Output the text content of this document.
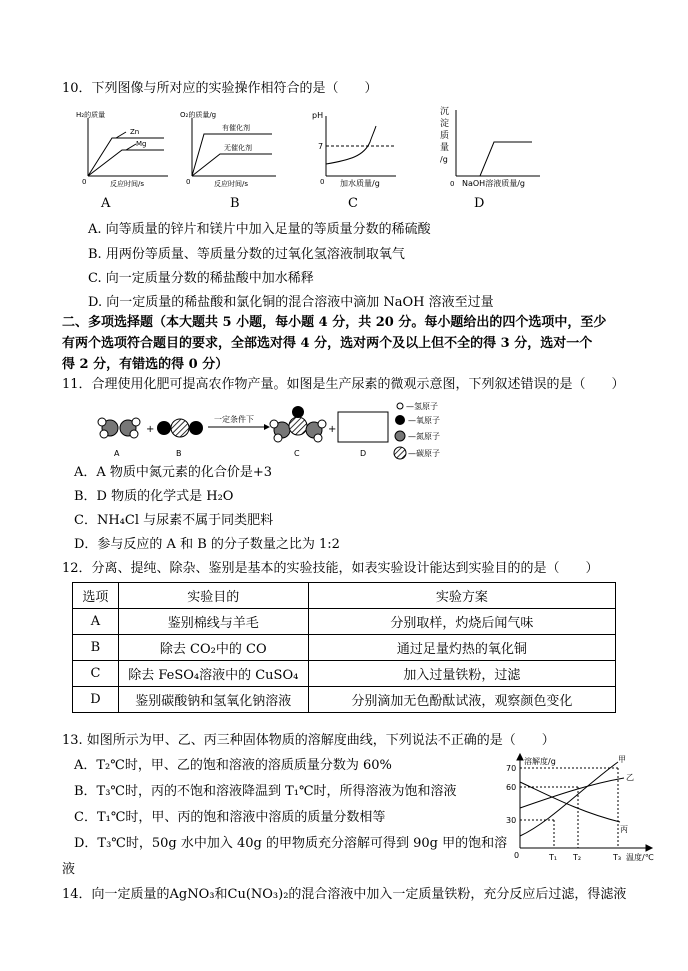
10．下列图像与所对应的实验操作相符合的是（　　）
H₂的质量
Zn
Mg
0	反应时间/s
O₂的质量/g
有催化剂
无催化剂
0	反应时间/s
pH
7
0 加水质量/g
沉
淀
质
量
/g
0 NaOH溶液质量/g
A	B	C	D
A. 向等质量的锌片和镁片中加入足量的等质量分数的稀硫酸
B. 用两份等质量、等质量分数的过氧化氢溶液制取氧气
C. 向一定质量分数的稀盐酸中加水稀释
D. 向一定质量的稀盐酸和氯化铜的混合溶液中滴加 NaOH 溶液至过量
二、多项选择题（本大题共 5 小题，每小题 4 分，共 20 分。每小题给出的四个选项中，至少
有两个选项符合题目的要求，全部选对得 4 分，选对两个及以上但不全的得 3 分，选对一个
得 2 分，有错选的得 0 分）
11．合理使用化肥可提高农作物产量。如图是生产尿素的微观示意图，下列叙述错误的是（　　）
+
一定条件下
+
A	B	C	D
—氢原子
—氧原子
—氮原子
—碳原子
A．A 物质中氮元素的化合价是+3
B．D 物质的化学式是 H₂O
C．NH₄Cl 与尿素不属于同类肥料
D．参与反应的 A 和 B 的分子数量之比为 1:2
12．分离、提纯、除杂、鉴别是基本的实验技能，如表实验设计能达到实验目的的是（　　）
选项	实验目的	实验方案
A	鉴别棉线与羊毛	分别取样，灼烧后闻气味
B	除去 CO₂中的 CO	通过足量灼热的氧化铜
C	除去 FeSO₄溶液中的 CuSO₄	加入过量铁粉，过滤
D	鉴别碳酸钠和氢氧化钠溶液	分别滴加无色酚酞试液，观察颜色变化
13. 如图所示为甲、乙、丙三种固体物质的溶解度曲线，下列说法不正确的是（　　）
A．T₂℃时，甲、乙的饱和溶液的溶质质量分数为 60%
B．T₃℃时，丙的不饱和溶液降温到 T₁℃时，所得溶液为饱和溶液
C．T₁℃时，甲、丙的饱和溶液中溶质的质量分数相等
D．T₃℃时，50g 水中加入 40g 的甲物质充分溶解可得到 90g 甲的饱和溶
液
溶解度/g
70
60
30
0	T₁ T₂	T₃ 温度/℃
甲
乙
丙
14．向一定质量的AgNO₃和Cu(NO₃)₂的混合溶液中加入一定质量铁粉，充分反应后过滤，得滤液
